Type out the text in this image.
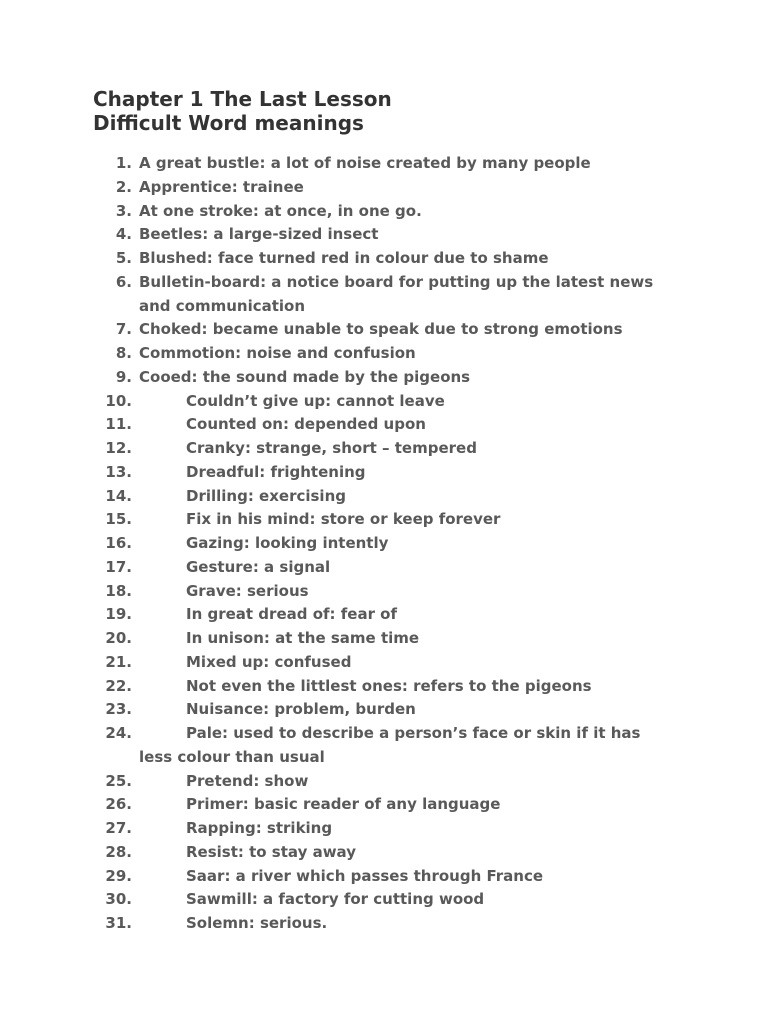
Chapter 1 The Last Lesson
Difficult Word meanings
1. A great bustle: a lot of noise created by many people
2. Apprentice: trainee
3. At one stroke: at once, in one go.
4. Beetles: a large-sized insect
5. Blushed: face turned red in colour due to shame
6. Bulletin-board: a notice board for putting up the latest news
and communication
7. Choked: became unable to speak due to strong emotions
8. Commotion: noise and confusion
9. Cooed: the sound made by the pigeons
10.	Couldn’t give up: cannot leave
11.	Counted on: depended upon
12.	Cranky: strange, short – tempered
13.	Dreadful: frightening
14.	Drilling: exercising
15.	Fix in his mind: store or keep forever
16.	Gazing: looking intently
17.	Gesture: a signal
18.	Grave: serious
19.	In great dread of: fear of
20.	In unison: at the same time
21.	Mixed up: confused
22.	Not even the littlest ones: refers to the pigeons
23.	Nuisance: problem, burden
24.	Pale: used to describe a person’s face or skin if it has
less colour than usual
25.	Pretend: show
26.	Primer: basic reader of any language
27.	Rapping: striking
28.	Resist: to stay away
29.	Saar: a river which passes through France
30.	Sawmill: a factory for cutting wood
31.	Solemn: serious.
